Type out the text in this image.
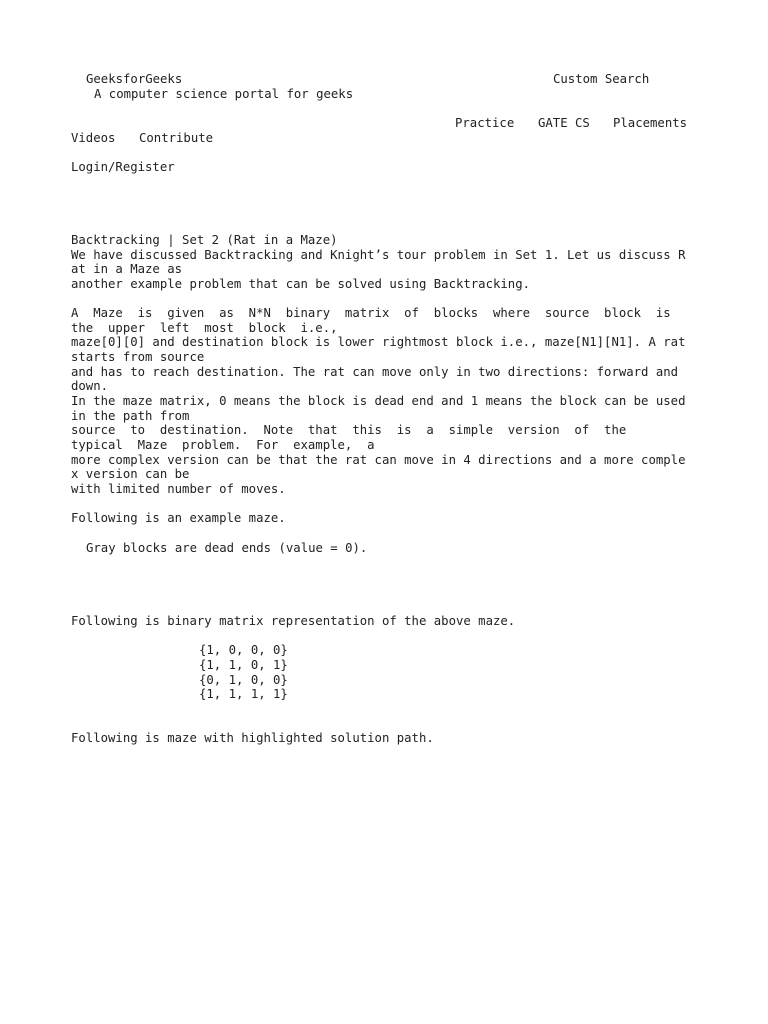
GeeksforGeeks	Custom Search
A computer science portal for geeks
Practice GATE CS Placements
Videos Contribute
Login/Register
Backtracking | Set 2 (Rat in a Maze)
We have discussed Backtracking and Knight’s tour problem in Set 1. Let us discuss R
at in a Maze as
another example problem that can be solved using Backtracking.
A  Maze  is  given  as  N*N  binary  matrix  of  blocks  where  source  block  is
the  upper  left  most  block  i.e.,
maze[0][0] and destination block is lower rightmost block i.e., maze[N1][N1]. A rat
starts from source
and has to reach destination. The rat can move only in two directions: forward and
down.
In the maze matrix, 0 means the block is dead end and 1 means the block can be used
in the path from
source  to  destination.  Note  that  this  is  a  simple  version  of  the
typical  Maze  problem.  For  example,  a
more complex version can be that the rat can move in 4 directions and a more comple
x version can be
with limited number of moves.
Following is an example maze.
Gray blocks are dead ends (value = 0).
Following is binary matrix representation of the above maze.
{1, 0, 0, 0}
{1, 1, 0, 1}
{0, 1, 0, 0}
{1, 1, 1, 1}
Following is maze with highlighted solution path.
